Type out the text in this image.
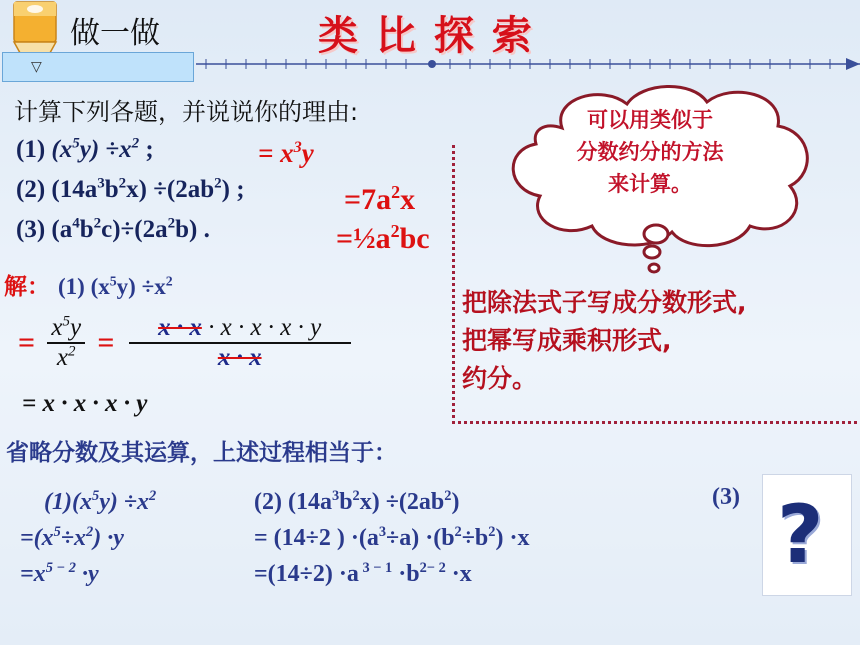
做一做
▽
类 比 探 索
计算下列各题，并说说你的理由:
(1) $(x^5y) \div x^2$ ;
(2) $(14a^3b^2x) \div(2ab^2)$ ;
(3) $(a^4b^2c)\div(2a^2b)$ .
= $x^3y$
$=7a^2x$
$=\frac{1}{2}a^2bc$
可以用类似于
分数约分的方法
来计算。
把除法式子写成分数形式,
把幂写成乘积形式,
约分。
解： (1) $(x^5y) \div x^2$
= $\frac{x^5y}{x^2} = \frac{x \cdot x \cdot x \cdot x \cdot x \cdot y}{x \cdot x}$
= x · x · x · y
省略分数及其运算，上述过程相当于：
$(1)(x^5y) \div x^2$
$=(x^5\div x^2) \cdot y$
$=x^{5 - 2} \cdot y$
(2) $(14a^3b^2x) \div(2ab^2)$
= (14÷2 ) $\cdot(a^3\div a) \cdot(b^2\div b^2) \cdot x$
=(14÷2) ·a $^{3 - 1} \cdot b^{2- 2} \cdot x$
(3) ?
